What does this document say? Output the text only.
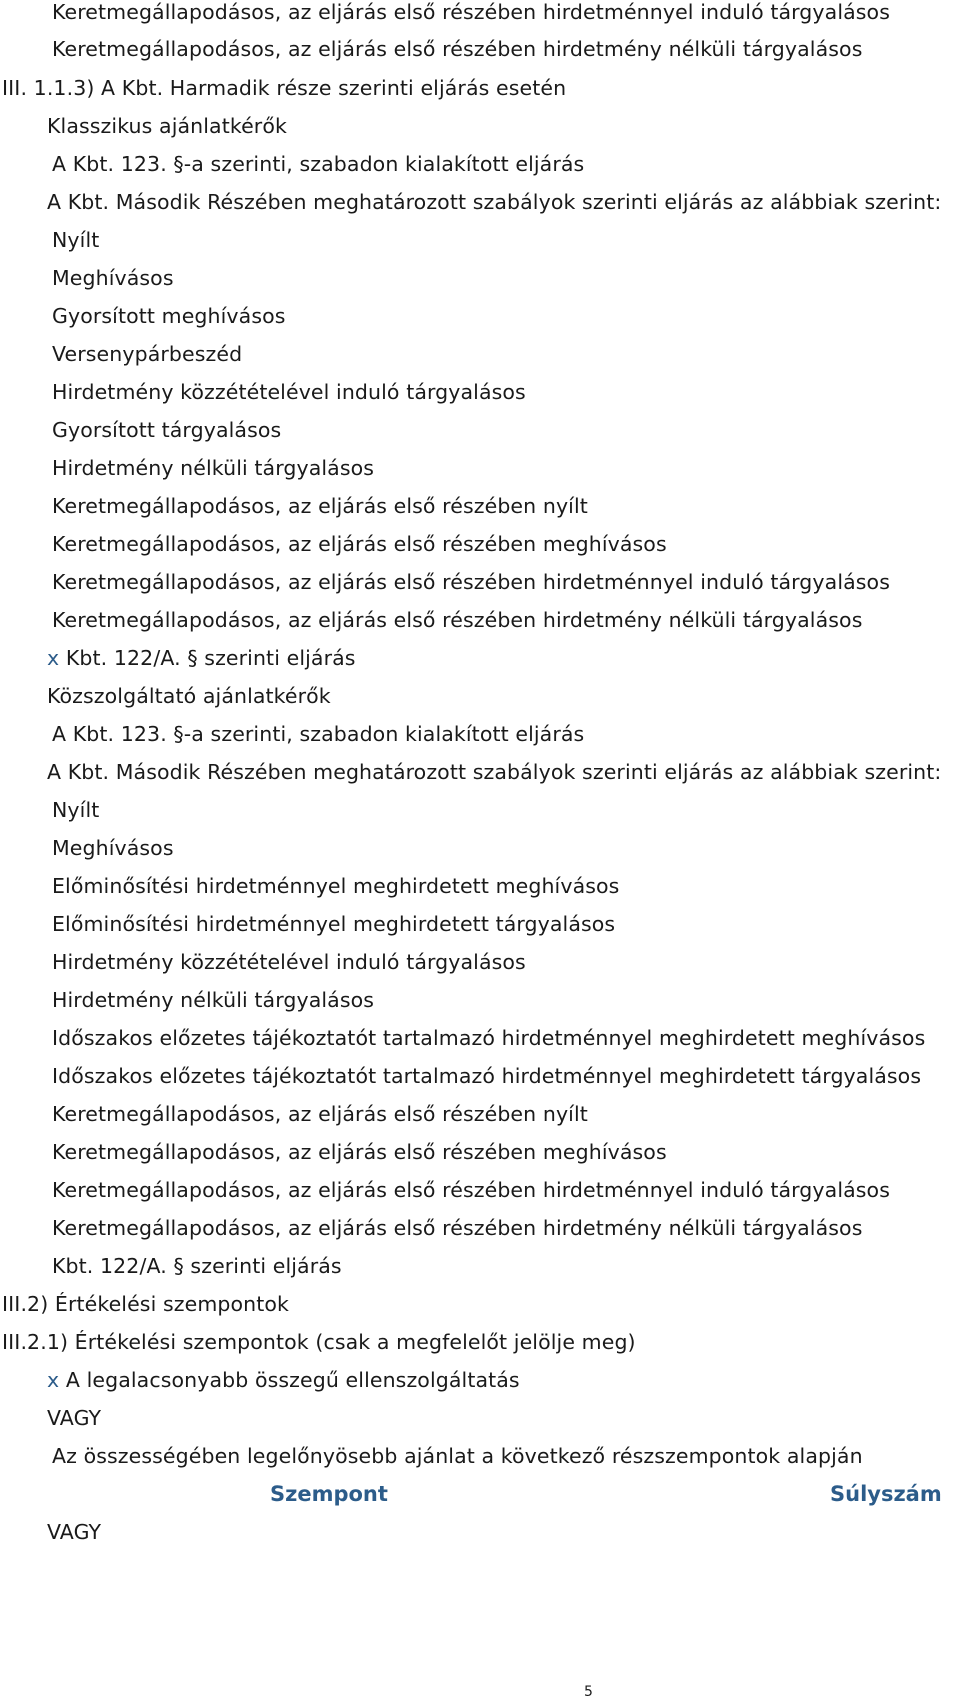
Keretmegállapodásos, az eljárás első részében hirdetménnyel induló tárgyalásos
Keretmegállapodásos, az eljárás első részében hirdetmény nélküli tárgyalásos
III. 1.1.3) A Kbt. Harmadik része szerinti eljárás esetén
Klasszikus ajánlatkérők
A Kbt. 123. §-a szerinti, szabadon kialakított eljárás
A Kbt. Második Részében meghatározott szabályok szerinti eljárás az alábbiak szerint:
Nyílt
Meghívásos
Gyorsított meghívásos
Versenypárbeszéd
Hirdetmény közzétételével induló tárgyalásos
Gyorsított tárgyalásos
Hirdetmény nélküli tárgyalásos
Keretmegállapodásos, az eljárás első részében nyílt
Keretmegállapodásos, az eljárás első részében meghívásos
Keretmegállapodásos, az eljárás első részében hirdetménnyel induló tárgyalásos
Keretmegállapodásos, az eljárás első részében hirdetmény nélküli tárgyalásos
x Kbt. 122/A. § szerinti eljárás
Közszolgáltató ajánlatkérők
A Kbt. 123. §-a szerinti, szabadon kialakított eljárás
A Kbt. Második Részében meghatározott szabályok szerinti eljárás az alábbiak szerint:
Nyílt
Meghívásos
Előminősítési hirdetménnyel meghirdetett meghívásos
Előminősítési hirdetménnyel meghirdetett tárgyalásos
Hirdetmény közzétételével induló tárgyalásos
Hirdetmény nélküli tárgyalásos
Időszakos előzetes tájékoztatót tartalmazó hirdetménnyel meghirdetett meghívásos
Időszakos előzetes tájékoztatót tartalmazó hirdetménnyel meghirdetett tárgyalásos
Keretmegállapodásos, az eljárás első részében nyílt
Keretmegállapodásos, az eljárás első részében meghívásos
Keretmegállapodásos, az eljárás első részében hirdetménnyel induló tárgyalásos
Keretmegállapodásos, az eljárás első részében hirdetmény nélküli tárgyalásos
Kbt. 122/A. § szerinti eljárás
III.2) Értékelési szempontok
III.2.1) Értékelési szempontok (csak a megfelelőt jelölje meg)
x A legalacsonyabb összegű ellenszolgáltatás
VAGY
Az összességében legelőnyösebb ajánlat a következő részszempontok alapján
Szempont	Súlyszám
VAGY
5
